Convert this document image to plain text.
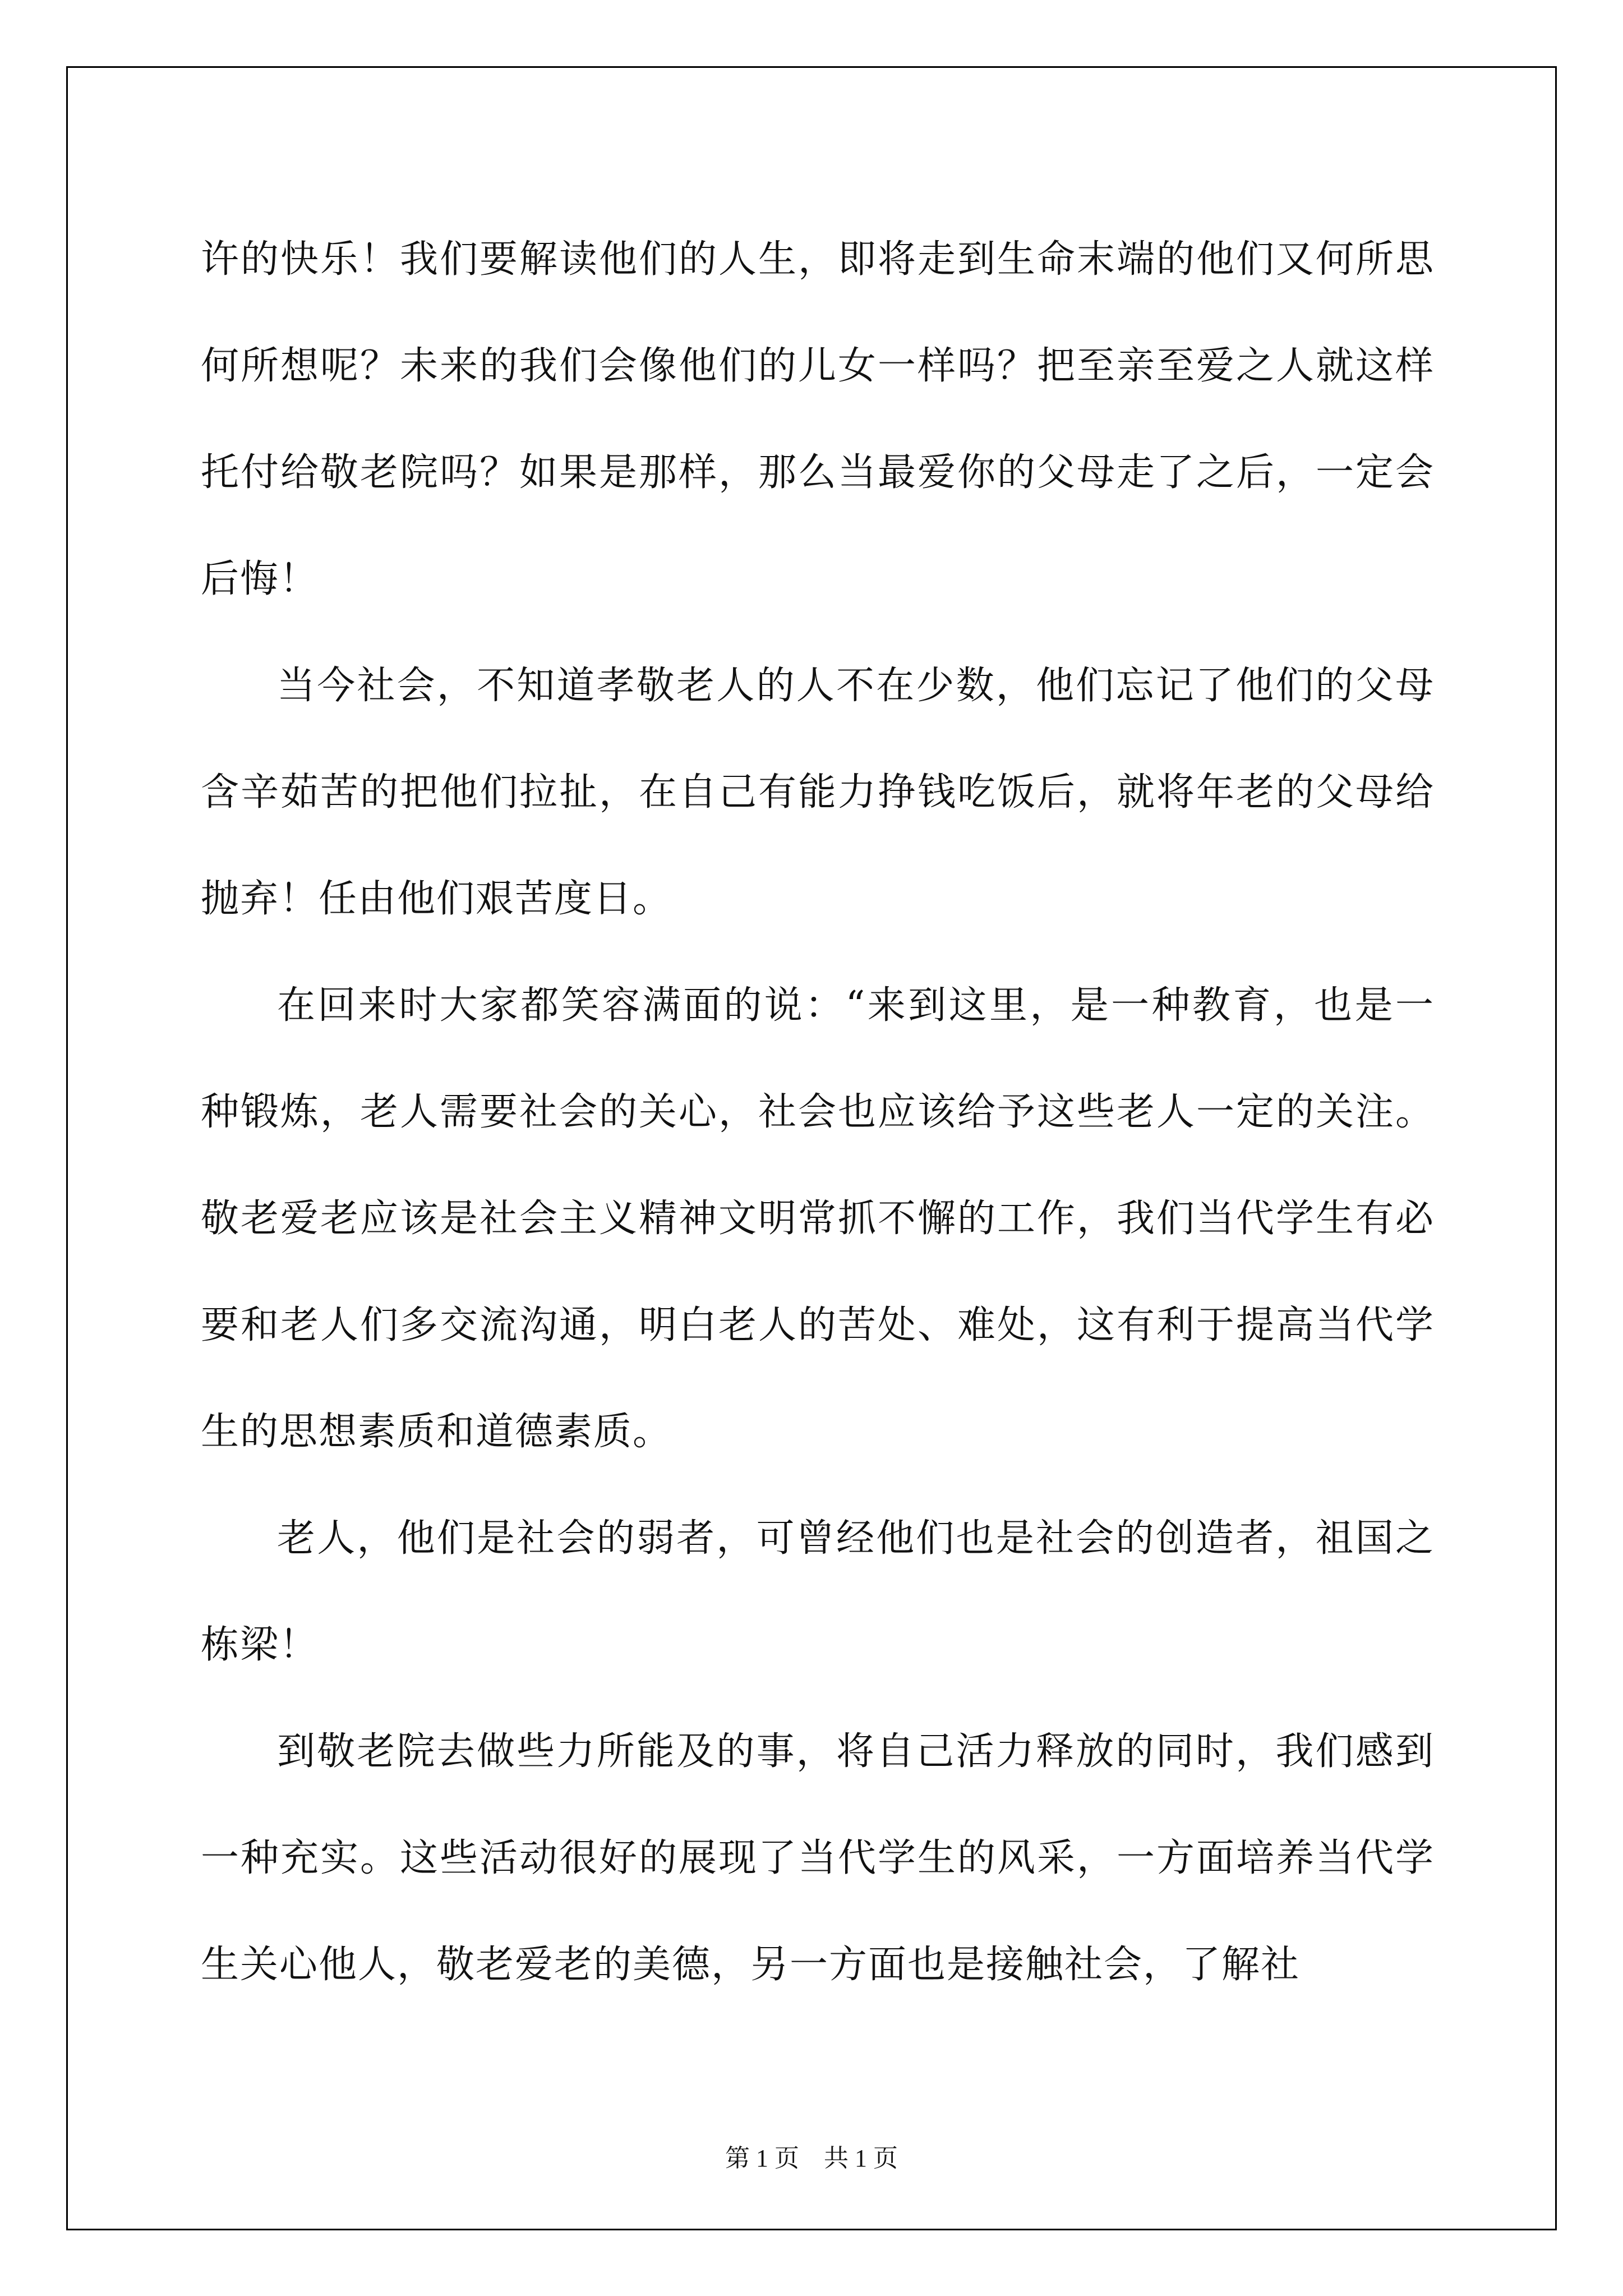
许的快乐！我们要解读他们的人生，即将走到生命末端的他们又何所思何所想呢？未来的我们会像他们的儿女一样吗？把至亲至爱之人就这样托付给敬老院吗？如果是那样，那么当最爱你的父母走了之后，一定会后悔！

当今社会，不知道孝敬老人的人不在少数，他们忘记了他们的父母含辛茹苦的把他们拉扯，在自己有能力挣钱吃饭后，就将年老的父母给抛弃！任由他们艰苦度日。

在回来时大家都笑容满面的说：“来到这里，是一种教育，也是一种锻炼，老人需要社会的关心，社会也应该给予这些老人一定的关注。敬老爱老应该是社会主义精神文明常抓不懈的工作，我们当代学生有必要和老人们多交流沟通，明白老人的苦处、难处，这有利于提高当代学生的思想素质和道德素质。

老人，他们是社会的弱者，可曾经他们也是社会的创造者，祖国之栋梁！

到敬老院去做些力所能及的事，将自己活力释放的同时，我们感到一种充实。这些活动很好的展现了当代学生的风采，一方面培养当代学生关心他人，敬老爱老的美德，另一方面也是接触社会，了解社

第 1 页 共 1 页
